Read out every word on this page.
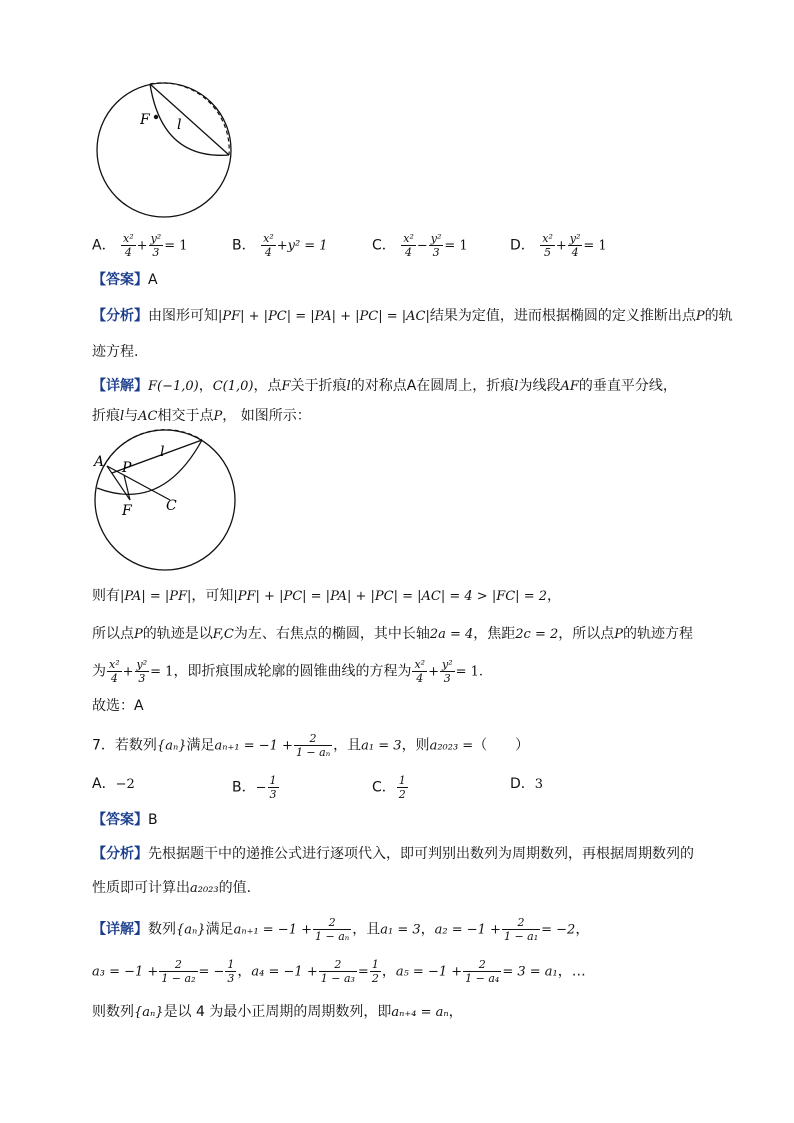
F l
A． $\frac{\text{x²}}{4} + \frac{\text{y²}}{3} = 1$	B． $\frac{\text{x²}}{4} +y^2 = 1$	C． $\frac{\text{x²}}{4} - \frac{\text{y²}}{3} = 1$	D． $\frac{\text{x²}}{5} + \frac{\text{y²}}{4} = 1$
【答案】A
【分析】由图形可知|PF| + |PC| = |PA| + |PC| = |AC|结果为定值，进而根据椭圆的定义推断出点P的轨
迹方程.
【详解】F(−1,0)，C(1,0)，点F关于折痕l的对称点A在圆周上，折痕l为线段AF的垂直平分线，
折痕l与AC相交于点P， 如图所示：
A P
l
F C
则有|PA| = |PF|，可知|PF| + |PC| = |PA| + |PC| = |AC| = 4 > |FC| = 2，
所以点P的轨迹是以F,C为左、右焦点的椭圆，其中长轴2a = 4，焦距2c = 2，所以点P的轨迹方程
为 $\frac{\text{x²}}{4} + \frac{\text{y²}}{3} = 1$，即折痕围成轮廓的圆锥曲线的方程为 $\frac{\text{x²}}{4} + \frac{\text{y²}}{3} = 1$.
故选：A
7．若数列{aₙ}满足$a_{n+1} = -1 + \frac{2}{\text{1 − aₙ}}$ ，且a₁ = 3，则a₂₀₂₃ =（　　）
A．−2	B．− $\frac{1}{3}$	C． $\frac{1}{2}$	D．3
【答案】B
【分析】先根据题干中的递推公式进行逐项代入，即可判别出数列为周期数列，再根据周期数列的
性质即可计算出a₂₀₂₃的值.
【详解】数列{aₙ}满足$a_{n+1} = -1 + \frac{2}{\text{1 − aₙ}}$ ，且a₁ = 3，$a_2 = -1 + \frac{2}{\text{1 − a₁}} = -2$，
$a_3 = -1 + \frac{2}{\text{1 − a₂}}$ = − $\frac{1}{3}$ ，$a_4 = -1 + \frac{2}{\text{1 − a₃}} = \frac{1}{2}$ ，$a_5 = -1 + \frac{2}{\text{1 − a₄}} = 3 = a_1$，…
则数列{aₙ}是以 4 为最小正周期的周期数列，即aₙ₊₄ = aₙ，
